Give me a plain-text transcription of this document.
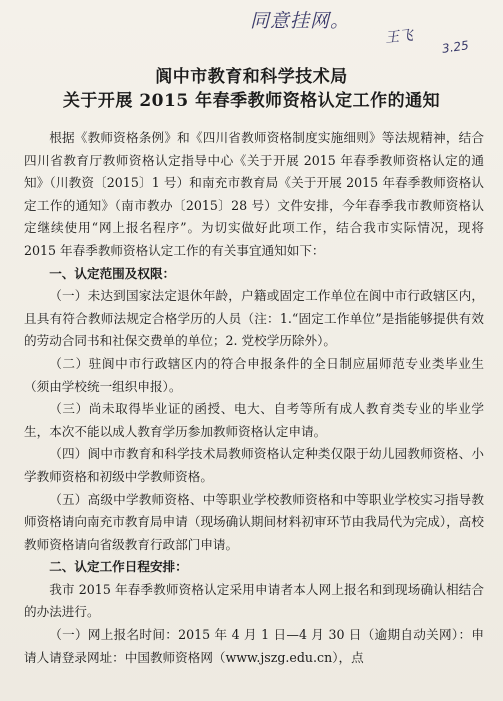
同意挂网。
王飞
3.25
阆中市教育和科学技术局
关于开展 2015 年春季教师资格认定工作的通知

根据《教师资格条例》和《四川省教师资格制度实施细则》等法规精神，结合四川省教育厅教师资格认定指导中心《关于开展 2015 年春季教师资格认定的通知》（川教资〔2015〕1 号）和南充市教育局《关于开展 2015 年春季教师资格认定工作的通知》（南市教办〔2015〕28 号）文件安排，今年春季我市教师资格认定继续使用“网上报名程序”。为切实做好此项工作，结合我市实际情况，现将 2015 年春季教师资格认定工作的有关事宜通知如下：

一、认定范围及权限：

（一）未达到国家法定退休年龄，户籍或固定工作单位在阆中市行政辖区内，且具有符合教师法规定合格学历的人员（注：1.“固定工作单位”是指能够提供有效的劳动合同书和社保交费单的单位；2. 党校学历除外）。

（二）驻阆中市行政辖区内的符合申报条件的全日制应届师范专业类毕业生（须由学校统一组织申报）。

（三）尚未取得毕业证的函授、电大、自考等所有成人教育类专业的毕业学生，本次不能以成人教育学历参加教师资格认定申请。

（四）阆中市教育和科学技术局教师资格认定种类仅限于幼儿园教师资格、小学教师资格和初级中学教师资格。

（五）高级中学教师资格、中等职业学校教师资格和中等职业学校实习指导教师资格请向南充市教育局申请（现场确认期间材料初审环节由我局代为完成），高校教师资格请向省级教育行政部门申请。

二、认定工作日程安排：

我市 2015 年春季教师资格认定采用申请者本人网上报名和到现场确认相结合的办法进行。

（一）网上报名时间：2015 年 4 月 1 日—4 月 30 日（逾期自动关网）：申请人请登录网址：中国教师资格网（www.jszg.edu.cn），点
